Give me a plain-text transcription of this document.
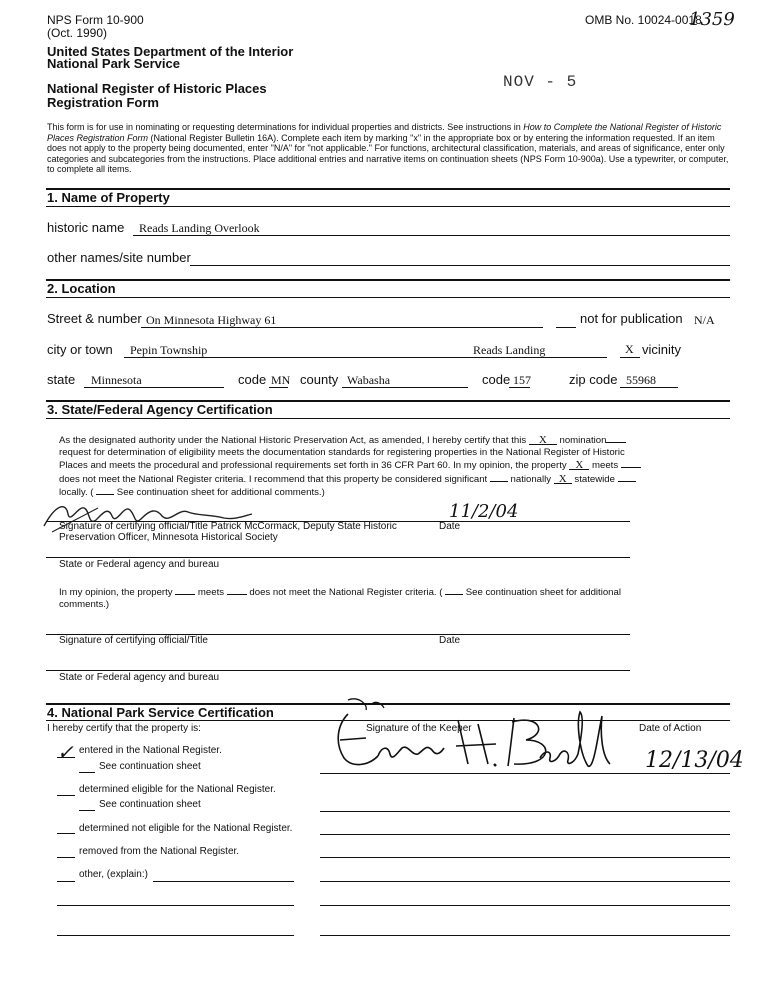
NPS Form 10-900
(Oct. 1990)
OMB No. 10024-0018
1359
United States Department of the Interior
National Park Service
National Register of Historic Places
Registration Form
NOV - 5
This form is for use in nominating or requesting determinations for individual properties and districts. See instructions in How to Complete the National Register of Historic Places Registration Form (National Register Bulletin 16A). Complete each item by marking "x" in the appropriate box or by entering the information requested. If an item does not apply to the property being documented, enter "N/A" for "not applicable." For functions, architectural classification, materials, and areas of significance, enter only categories and subcategories from the instructions. Place additional entries and narrative items on continuation sheets (NPS Form 10-900a). Use a typewriter, or computer, to complete all items.
1. Name of Property
historic name Reads Landing Overlook
other names/site number
2. Location
Street & number On Minnesota Highway 61	not for publication N/A
city or town Pepin Township	Reads Landing	X vicinity
state Minnesota	code MN county Wabasha	code 157	zip code 55968
3. State/Federal Agency Certification
As the designated authority under the National Historic Preservation Act, as amended, I hereby certify that this X nomination request for determination of eligibility meets the documentation standards for registering properties in the National Register of Historic Places and meets the procedural and professional requirements set forth in 36 CFR Part 60. In my opinion, the property X meets  does not meet the National Register criteria. I recommend that this property be considered significant  nationally X statewide  locally. (  See continuation sheet for additional comments.)
11/2/04
Signature of certifying official/Title Patrick McCormack, Deputy State Historic
Preservation Officer, Minnesota Historical Society
Date
State or Federal agency and bureau
In my opinion, the property  meets  does not meet the National Register criteria. (  See continuation sheet for additional comments.)
Signature of certifying official/Title	Date
State or Federal agency and bureau
4. National Park Service Certification
I hereby certify that the property is:	Signature of the Keeper	Date of Action
12/13/04
✓ entered in the National Register.
See continuation sheet
determined eligible for the National Register.
See continuation sheet
determined not eligible for the National Register.
removed from the National Register.
other, (explain:)
